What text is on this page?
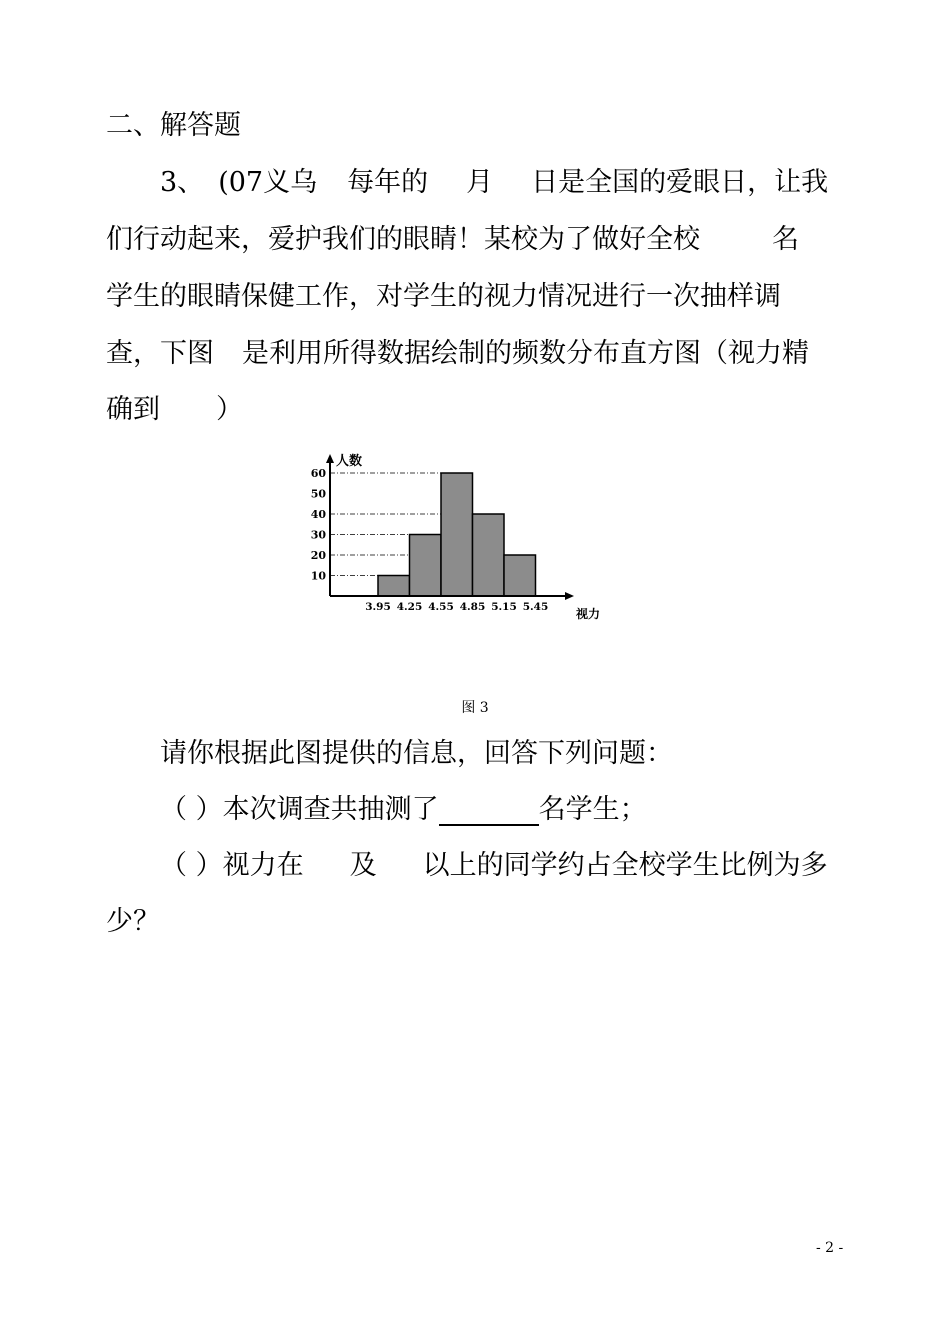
二、解答题
3、 (07义乌 每年的 月 日是全国的爱眼日，让我
们行动起来，爱护我们的眼睛！某校为了做好全校	名
学生的眼睛保健工作，对学生的视力情况进行一次抽样调
查，下图 是利用所得数据绘制的频数分布直方图（视力精
确到 ）
人数
视力
10
20
30
40
50
60
3.95 4.25 4.55 4.85 5.15 5.45
图 3
请你根据此图提供的信息，回答下列问题：
（ ）本次调查共抽测了	名学生；
（ ）视力在 及 以上的同学约占全校学生比例为多
少？
- 2 -
